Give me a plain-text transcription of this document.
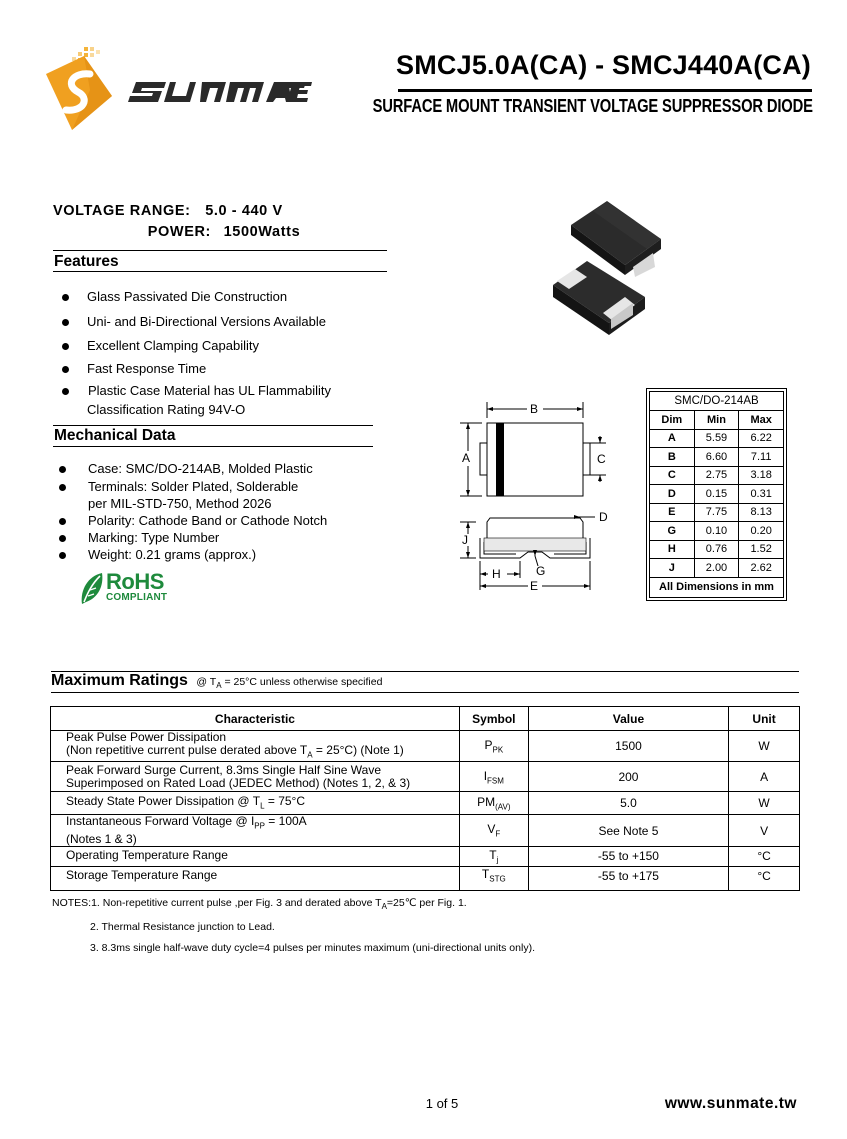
SUNMATE
SMCJ5.0A(CA) - SMCJ440A(CA)
SURFACE MOUNT TRANSIENT VOLTAGE SUPPRESSOR DIODE
VOLTAGE RANGE: 5.0 - 440 V
POWER: 1500Watts
Features
Glass Passivated Die Construction
Uni- and Bi-Directional Versions Available
Excellent Clamping Capability
Fast Response Time
Plastic Case Material has UL Flammability
Classification Rating 94V-O
Mechanical Data
Case: SMC/DO-214AB, Molded Plastic
Terminals: Solder Plated, Solderable
per MIL-STD-750, Method 2026
Polarity: Cathode Band or Cathode Notch
Marking: Type Number
Weight: 0.21 grams (approx.)
RoHS
COMPLIANT
B
A	C
D
J
H	G
E
SMC/DO-214AB		
Dim	Min	Max
A	5.59	6.22
B	6.60	7.11
C	2.75	3.18
D	0.15	0.31
E	7.75	8.13
G	0.10	0.20
H	0.76	1.52
J	2.00	2.62
All Dimensions in mm		
Maximum Ratings @ $T_A = 25^\circ C$ unless otherwise specified
Characteristic	Symbol	Value	Unit

Peak Pulse Power Dissipation
(Non repetitive current pulse derated above $T_A = 25^\circ C$) (Note 1)	$P_{PK}$	1500	W

Peak Forward Surge Current, 8.3ms Single Half Sine Wave
Superimposed on Rated Load (JEDEC Method) (Notes 1, 2, & 3)	$I_{FSM}$	200	A
Steady State Power Dissipation @ $T_L = 75^\circ C$	$PM_{(AV)}$	5.0	W

Instantaneous Forward Voltage @ $I_{PP} = 100A$
(Notes 1 & 3)	$V_F$	See Note 5	V
Operating Temperature Range	$T_j$	-55 to +150	°C
Storage Temperature Range	$T_{STG}$	-55 to +175	°C
NOTES:1. Non-repetitive current pulse ,per Fig. 3 and derated above $T_A=25℃$ per Fig. 1.
2. Thermal Resistance junction to Lead.
3. 8.3ms single half-wave duty cycle=4 pulses per minutes maximum (uni-directional units only).
1 of 5	www.sunmate.tw
